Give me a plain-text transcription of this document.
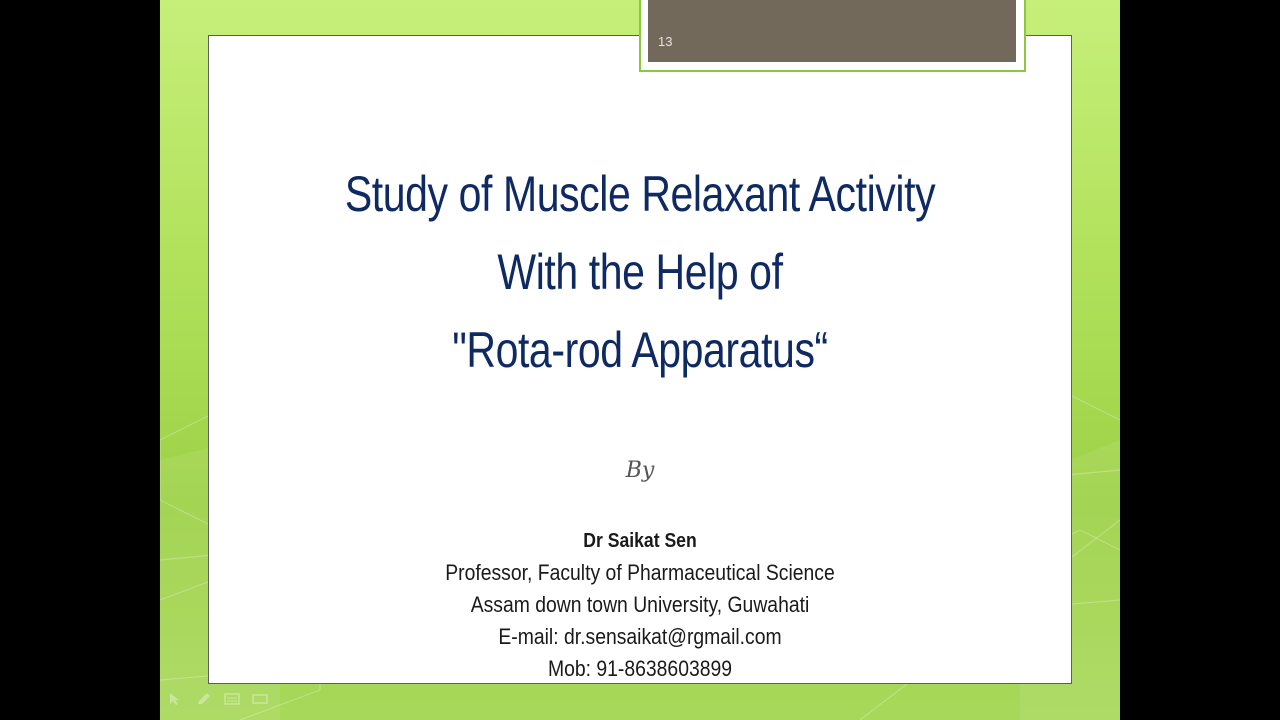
13
Study of Muscle Relaxant Activity
With the Help of
"Rota-rod Apparatus“
By
Dr Saikat Sen
Professor, Faculty of Pharmaceutical Science
Assam down town University, Guwahati
E-mail: dr.sensaikat@rgmail.com
Mob: 91-8638603899
